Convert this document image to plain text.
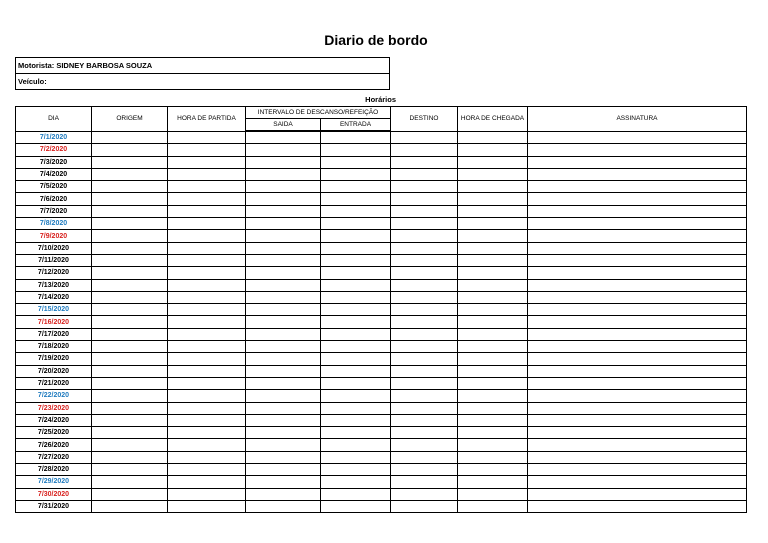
Diario de bordo
Motorista: SIDNEY BARBOSA SOUZA
Veículo:
Horários
DIA	ORIGEM	HORA DE PARTIDA	INTERVALO DE DESCANSO/REFEIÇÃO		DESTINO	HORA DE CHEGADA	ASSINATURA
			SAIDA	ENTRADA			
7/1/2020							
7/2/2020							
7/3/2020							
7/4/2020							
7/5/2020							
7/6/2020							
7/7/2020							
7/8/2020							
7/9/2020							
7/10/2020							
7/11/2020							
7/12/2020							
7/13/2020							
7/14/2020							
7/15/2020							
7/16/2020							
7/17/2020							
7/18/2020							
7/19/2020							
7/20/2020							
7/21/2020							
7/22/2020							
7/23/2020							
7/24/2020							
7/25/2020							
7/26/2020							
7/27/2020							
7/28/2020							
7/29/2020							
7/30/2020							
7/31/2020							
